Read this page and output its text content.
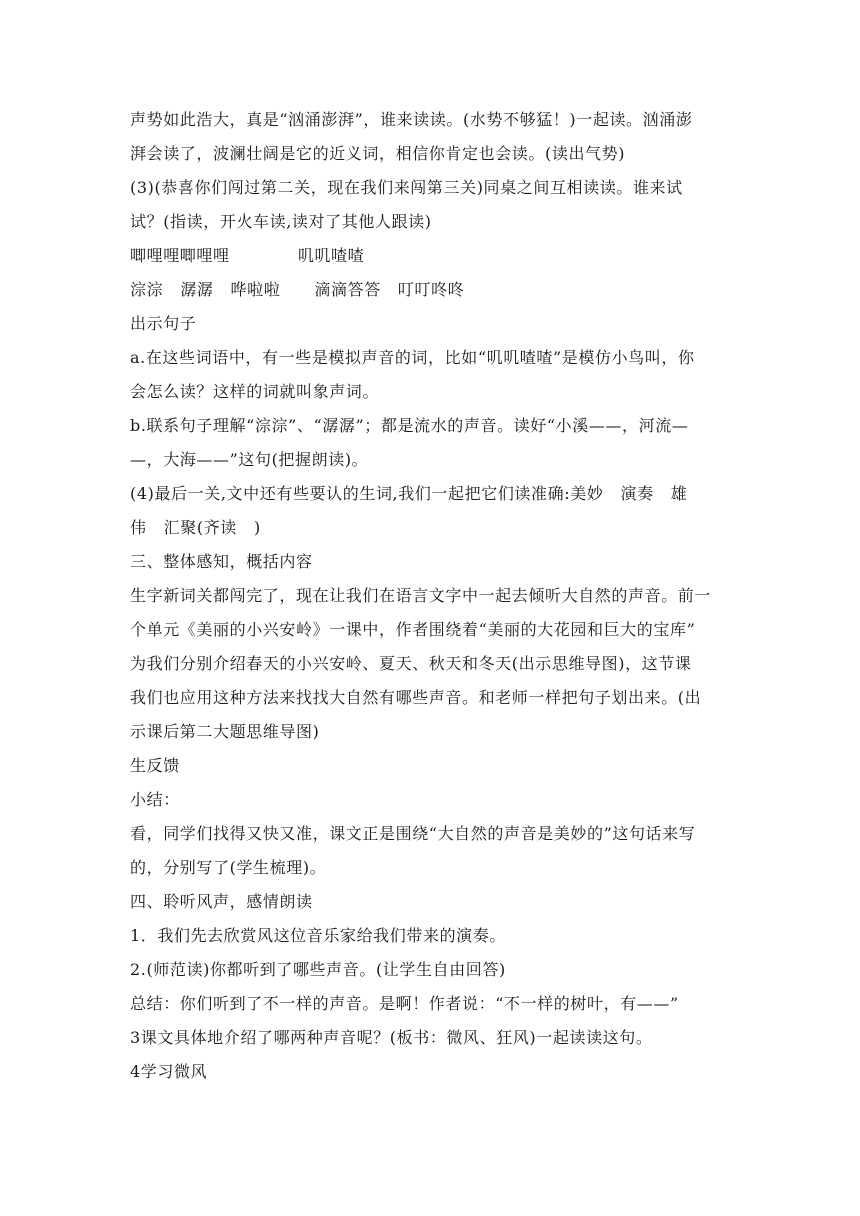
声势如此浩大，真是“汹涌澎湃”，谁来读读。(水势不够猛！)一起读。汹涌澎

湃会读了，波澜壮阔是它的近义词，相信你肯定也会读。(读出气势)

(3)(恭喜你们闯过第二关，现在我们来闯第三关)同桌之间互相读读。谁来试

试？(指读，开火车读,读对了其他人跟读)

唧哩哩唧哩哩            叽叽喳喳

淙淙   潺潺   哗啦啦      滴滴答答   叮叮咚咚

出示句子

a.在这些词语中，有一些是模拟声音的词，比如“叽叽喳喳”是模仿小鸟叫，你

会怎么读？这样的词就叫象声词。

b.联系句子理解“淙淙”、“潺潺”；都是流水的声音。读好“小溪——，河流—

—，大海——”这句(把握朗读)。

(4)最后一关,文中还有些要认的生词,我们一起把它们读准确:美妙   演奏   雄

伟   汇聚(齐读   )

三、整体感知，概括内容

生字新词关都闯完了，现在让我们在语言文字中一起去倾听大自然的声音。前一

个单元《美丽的小兴安岭》一课中，作者围绕着“美丽的大花园和巨大的宝库”

为我们分别介绍春天的小兴安岭、夏天、秋天和冬天(出示思维导图)，这节课

我们也应用这种方法来找找大自然有哪些声音。和老师一样把句子划出来。(出

示课后第二大题思维导图)

生反馈

小结：

看，同学们找得又快又准，课文正是围绕“大自然的声音是美妙的”这句话来写

的，分别写了(学生梳理)。

四、聆听风声，感情朗读

1．我们先去欣赏风这位音乐家给我们带来的演奏。

2.(师范读)你都听到了哪些声音。(让学生自由回答)

总结：你们听到了不一样的声音。是啊！作者说：“不一样的树叶，有——”

3课文具体地介绍了哪两种声音呢？(板书：微风、狂风)一起读读这句。

4学习微风
